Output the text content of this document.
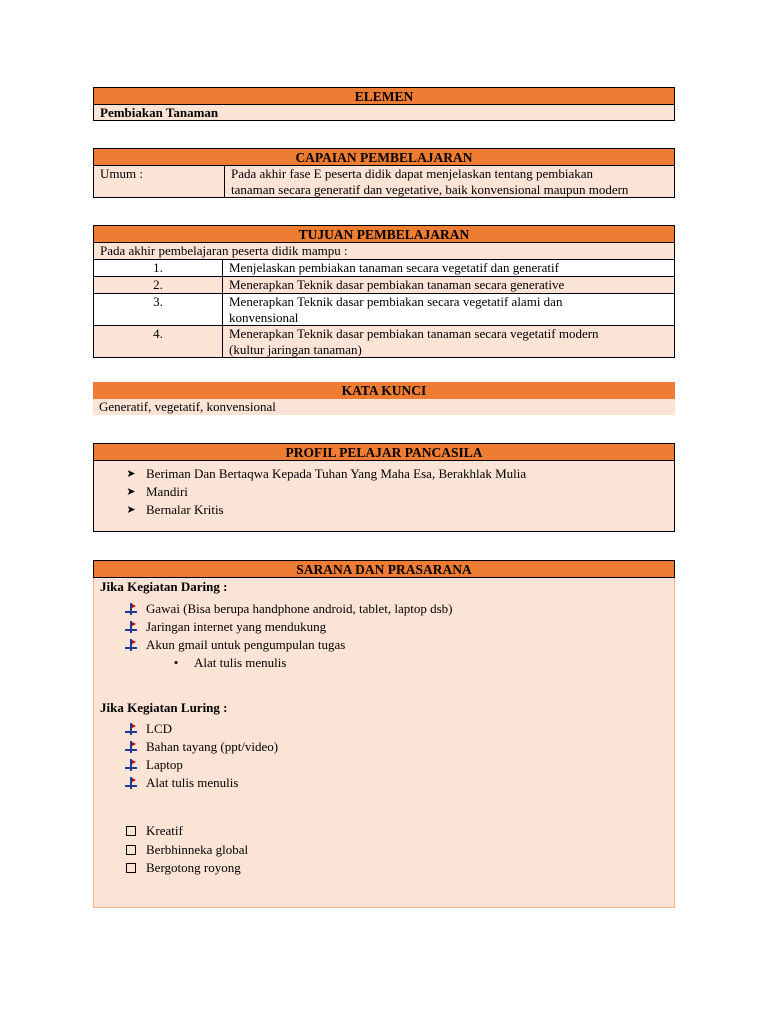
ELEMEN
Pembiakan Tanaman
CAPAIAN PEMBELAJARAN
Umum :	Pada akhir fase E peserta didik dapat menjelaskan tentang pembiakan
tanaman secara generatif dan vegetative, baik konvensional maupun modern
TUJUAN PEMBELAJARAN
Pada akhir pembelajaran peserta didik mampu :
1.	Menjelaskan pembiakan tanaman secara vegetatif dan generatif
2.	Menerapkan Teknik dasar pembiakan tanaman secara generative
3.	Menerapkan Teknik dasar pembiakan secara vegetatif alami dan
konvensional
4.	Menerapkan Teknik dasar pembiakan tanaman secara vegetatif modern
(kultur jaringan tanaman)
KATA KUNCI
Generatif, vegetatif, konvensional
PROFIL PELAJAR PANCASILA
➤ Beriman Dan Bertaqwa Kepada Tuhan Yang Maha Esa, Berakhlak Mulia
➤ Mandiri
➤ Bernalar Kritis
SARANA DAN PRASARANA
Jika Kegiatan Daring :
Gawai (Bisa berupa handphone android, tablet, laptop dsb)
Jaringan internet yang mendukung
Akun gmail untuk pengumpulan tugas
•	Alat tulis menulis
Jika Kegiatan Luring :
LCD
Bahan tayang (ppt/video)
Laptop
Alat tulis menulis
Kreatif
Berbhinneka global
Bergotong royong
